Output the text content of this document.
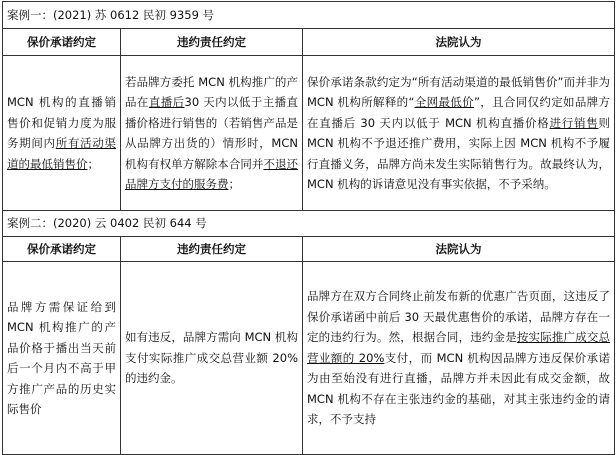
案例一：(2021) 苏 0612 民初 9359 号		
保价承诺约定	违约责任约定	法院认为
MCN 机构的直播销售价和促销力度为服务期间内所有活动渠道的最低销售价；	若品牌方委托 MCN 机构推广的产品在直播后30 天内以低于主播直播价格进行销售的（若销售产品是从品牌方出货的）情形时，MCN 机构有权单方解除本合同并不退还品牌方支付的服务费；	保价承诺条款约定为“所有活动渠道的最低销售价”而并非为 MCN 机构所解释的“全网最低价”，且合同仅约定如品牌方在直播后 30 天内以低于 MCN 机构直播价格进行销售则 MCN 机构不予退还推广费用，实际上因 MCN 机构不予履行直播义务，品牌方尚未发生实际销售行为。故最终认为，MCN 机构的诉请意见没有事实依据，不予采纳。
案例二：(2020) 云 0402 民初 644 号		
保价承诺约定	违约责任约定	法院认为
品牌方需保证给到 MCN 机构推广的产品价格于播出当天前后一个月内不高于甲方推广产品的历史实际售价	如有违反，品牌方需向 MCN 机构支付实际推广成交总营业额 20%的违约金。	品牌方在双方合同终止前发布新的优惠广告页面，这违反了保价承诺函中前后 30 天最优惠售价的承诺，品牌方存在一定的违约行为。然，根据合同，违约金是按实际推广成交总营业额的 20%支付，而 MCN 机构因品牌方违反保价承诺为由至始没有进行直播，品牌方并未因此有成交金额，故 MCN 机构不存在主张违约金的基础，对其主张违约金的请求，不予支持
